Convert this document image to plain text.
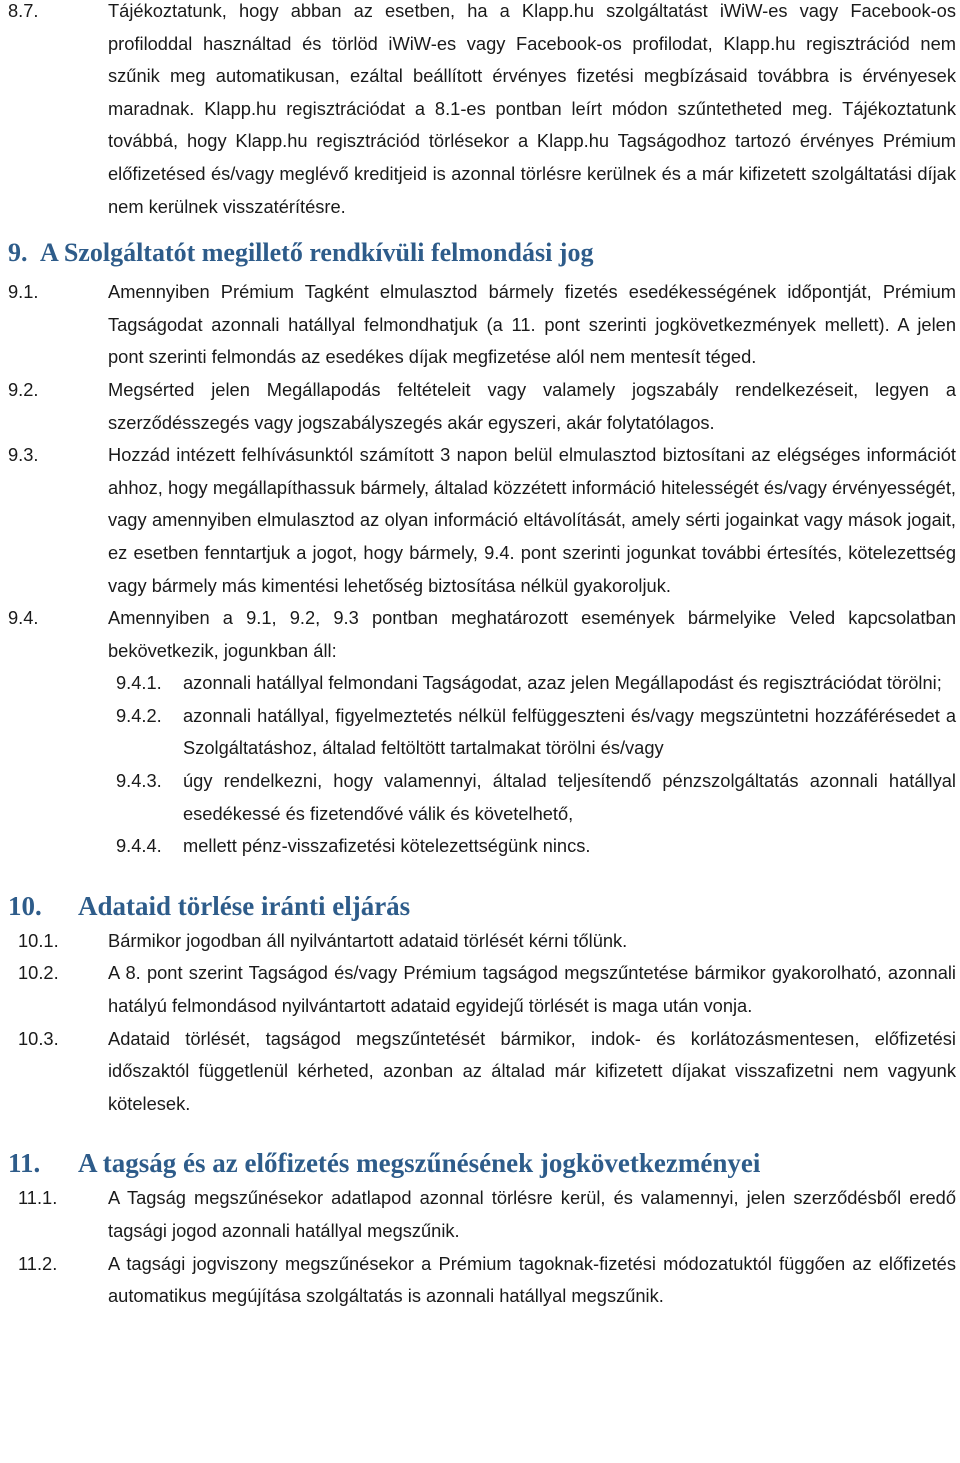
8.7.	Tájékoztatunk, hogy abban az esetben, ha a Klapp.hu szolgáltatást iWiW-es vagy Facebook-os profiloddal használtad és törlöd iWiW-es vagy Facebook-os profilodat, Klapp.hu regisztrációd nem szűnik meg automatikusan, ezáltal beállított érvényes fizetési megbízásaid továbbra is érvényesek maradnak. Klapp.hu regisztrációdat a 8.1-es pontban leírt módon szűntetheted meg. Tájékoztatunk továbbá, hogy Klapp.hu regisztrációd törlésekor a Klapp.hu Tagságodhoz tartozó érvényes Prémium előfizetésed és/vagy meglévő kreditjeid is azonnal törlésre kerülnek és a már kifizetett szolgáltatási díjak nem kerülnek visszatérítésre.
9. A Szolgáltatót megillető rendkívüli felmondási jog
9.1.	Amennyiben Prémium Tagként elmulasztod bármely fizetés esedékességének időpontját, Prémium Tagságodat azonnali hatállyal felmondhatjuk (a 11. pont szerinti jogkövetkezmények mellett). A jelen pont szerinti felmondás az esedékes díjak megfizetése alól nem mentesít téged.
9.2.	Megsérted jelen Megállapodás feltételeit vagy valamely jogszabály rendelkezéseit, legyen a szerződésszegés vagy jogszabályszegés akár egyszeri, akár folytatólagos.
9.3.	Hozzád intézett felhívásunktól számított 3 napon belül elmulasztod biztosítani az elégséges információt ahhoz, hogy megállapíthassuk bármely, általad közzétett információ hitelességét és/vagy érvényességét, vagy amennyiben elmulasztod az olyan információ eltávolítását, amely sérti jogainkat vagy mások jogait, ez esetben fenntartjuk a jogot, hogy bármely, 9.4. pont szerinti jogunkat további értesítés, kötelezettség vagy bármely más kimentési lehetőség biztosítása nélkül gyakoroljuk.
9.4.	Amennyiben a 9.1, 9.2, 9.3 pontban meghatározott események bármelyike Veled kapcsolatban bekövetkezik, jogunkban áll:
9.4.1.	azonnali hatállyal felmondani Tagságodat, azaz jelen Megállapodást és regisztrációdat törölni;
9.4.2.	azonnali hatállyal, figyelmeztetés nélkül felfüggeszteni és/vagy megszüntetni hozzáférésedet a Szolgáltatáshoz, általad feltöltött tartalmakat törölni és/vagy
9.4.3.	úgy rendelkezni, hogy valamennyi, általad teljesítendő pénzszolgáltatás azonnali hatállyal esedékessé és fizetendővé válik és követelhető,
9.4.4.	mellett pénz-visszafizetési kötelezettségünk nincs.
10.	Adataid törlése iránti eljárás
10.1.	Bármikor jogodban áll nyilvántartott adataid törlését kérni tőlünk.
10.2.	A 8. pont szerint Tagságod és/vagy Prémium tagságod megszűntetése bármikor gyakorolható, azonnali hatályú felmondásod nyilvántartott adataid egyidejű törlését is maga után vonja.
10.3.	Adataid törlését, tagságod megszűntetését bármikor, indok- és korlátozásmentesen, előfizetési időszaktól függetlenül kérheted, azonban az általad már kifizetett díjakat visszafizetni nem vagyunk kötelesek.
11.	A tagság és az előfizetés megszűnésének jogkövetkezményei
11.1.	A Tagság megszűnésekor adatlapod azonnal törlésre kerül, és valamennyi, jelen szerződésből eredő tagsági jogod azonnali hatállyal megszűnik.
11.2.	A tagsági jogviszony megszűnésekor a Prémium tagoknak-fizetési módozatuktól függően az előfizetés automatikus megújítása szolgáltatás is azonnali hatállyal megszűnik.
